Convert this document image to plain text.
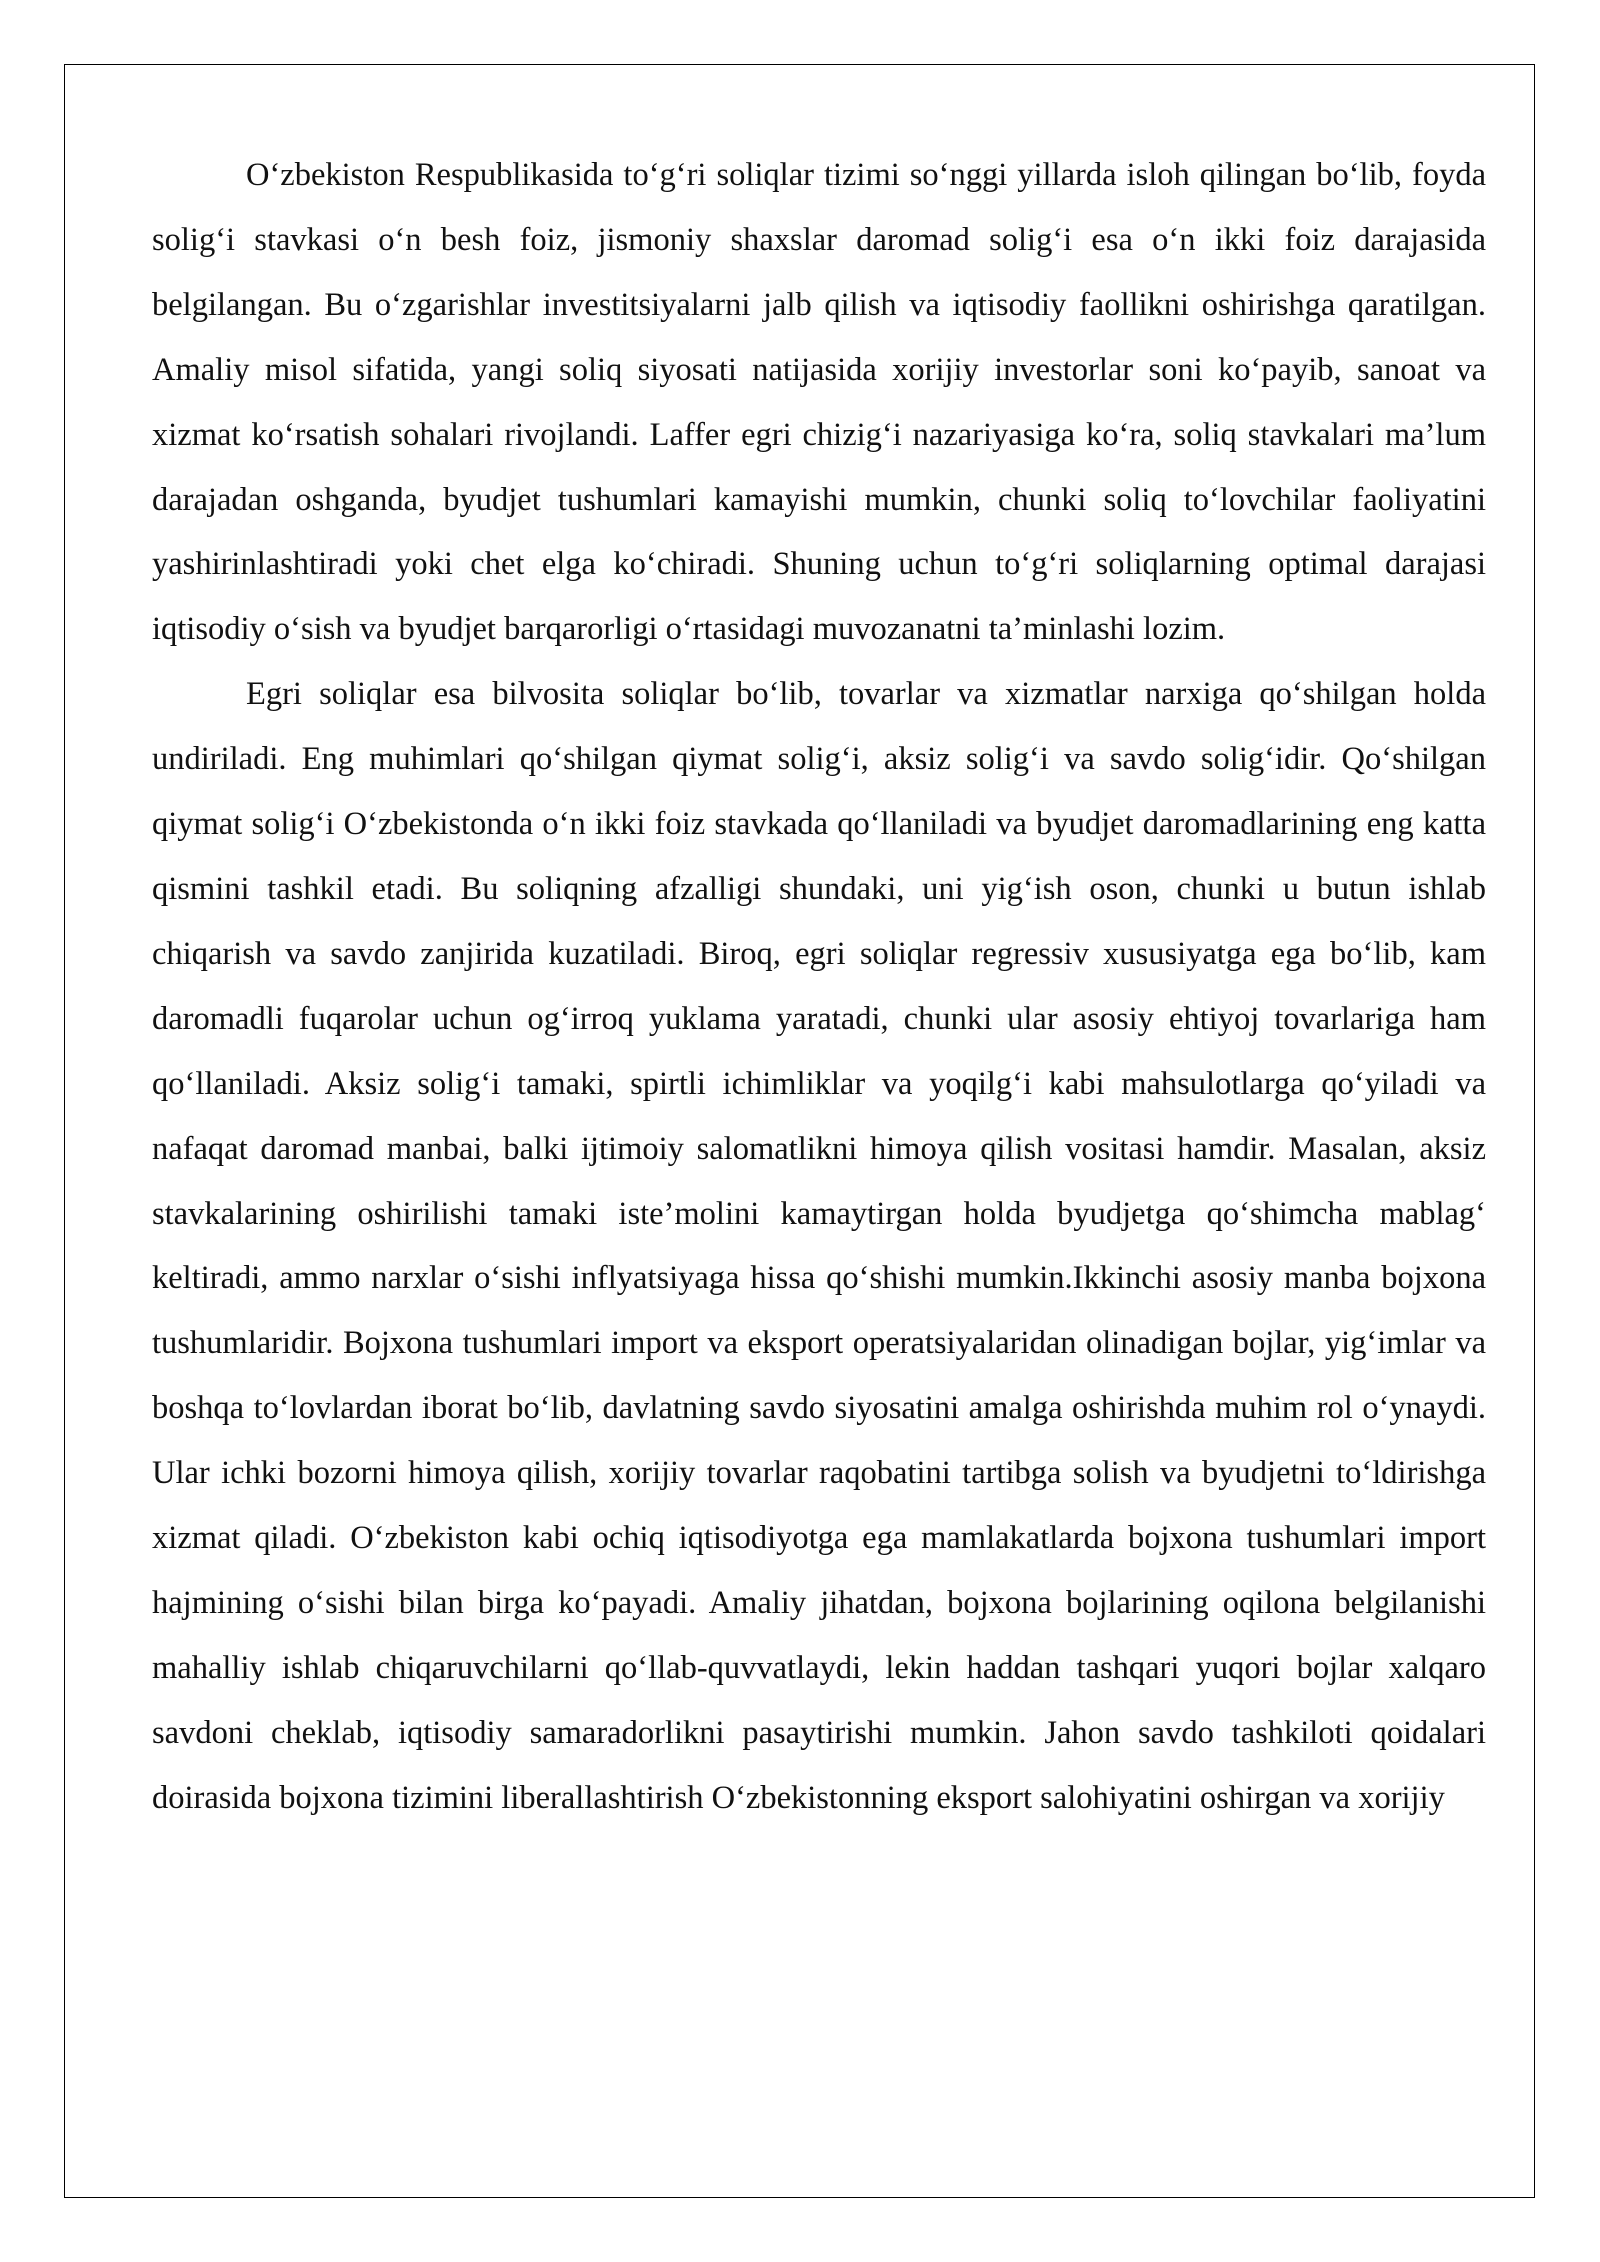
O‘zbekiston Respublikasida to‘g‘ri soliqlar tizimi so‘nggi yillarda isloh qilingan bo‘lib, foyda solig‘i stavkasi o‘n besh foiz, jismoniy shaxslar daromad solig‘i esa o‘n ikki foiz darajasida belgilangan. Bu o‘zgarishlar investitsiyalarni jalb qilish va iqtisodiy faollikni oshirishga qaratilgan. Amaliy misol sifatida, yangi soliq siyosati natijasida xorijiy investorlar soni ko‘payib, sanoat va xizmat ko‘rsatish sohalari rivojlandi. Laffer egri chizig‘i nazariyasiga ko‘ra, soliq stavkalari ma’lum darajadan oshganda, byudjet tushumlari kamayishi mumkin, chunki soliq to‘lovchilar faoliyatini yashirinlashtiradi yoki chet elga ko‘chiradi. Shuning uchun to‘g‘ri soliqlarning optimal darajasi iqtisodiy o‘sish va byudjet barqarorligi o‘rtasidagi muvozanatni ta’minlashi lozim.

Egri soliqlar esa bilvosita soliqlar bo‘lib, tovarlar va xizmatlar narxiga qo‘shilgan holda undiriladi. Eng muhimlari qo‘shilgan qiymat solig‘i, aksiz solig‘i va savdo solig‘idir. Qo‘shilgan qiymat solig‘i O‘zbekistonda o‘n ikki foiz stavkada qo‘llaniladi va byudjet daromadlarining eng katta qismini tashkil etadi. Bu soliqning afzalligi shundaki, uni yig‘ish oson, chunki u butun ishlab chiqarish va savdo zanjirida kuzatiladi. Biroq, egri soliqlar regressiv xususiyatga ega bo‘lib, kam daromadli fuqarolar uchun og‘irroq yuklama yaratadi, chunki ular asosiy ehtiyoj tovarlariga ham qo‘llaniladi. Aksiz solig‘i tamaki, spirtli ichimliklar va yoqilg‘i kabi mahsulotlarga qo‘yiladi va nafaqat daromad manbai, balki ijtimoiy salomatlikni himoya qilish vositasi hamdir. Masalan, aksiz stavkalarining oshirilishi tamaki iste’molini kamaytirgan holda byudjetga qo‘shimcha mablag‘ keltiradi, ammo narxlar o‘sishi inflyatsiyaga hissa qo‘shishi mumkin.Ikkinchi asosiy manba bojxona tushumlaridir. Bojxona tushumlari import va eksport operatsiyalaridan olinadigan bojlar, yig‘imlar va boshqa to‘lovlardan iborat bo‘lib, davlatning savdo siyosatini amalga oshirishda muhim rol o‘ynaydi. Ular ichki bozorni himoya qilish, xorijiy tovarlar raqobatini tartibga solish va byudjetni to‘ldirishga xizmat qiladi. O‘zbekiston kabi ochiq iqtisodiyotga ega mamlakatlarda bojxona tushumlari import hajmining o‘sishi bilan birga ko‘payadi. Amaliy jihatdan, bojxona bojlarining oqilona belgilanishi mahalliy ishlab chiqaruvchilarni qo‘llab-quvvatlaydi, lekin haddan tashqari yuqori bojlar xalqaro savdoni cheklab, iqtisodiy samaradorlikni pasaytirishi mumkin. Jahon savdo tashkiloti qoidalari doirasida bojxona tizimini liberallashtirish O‘zbekistonning eksport salohiyatini oshirgan va xorijiy
